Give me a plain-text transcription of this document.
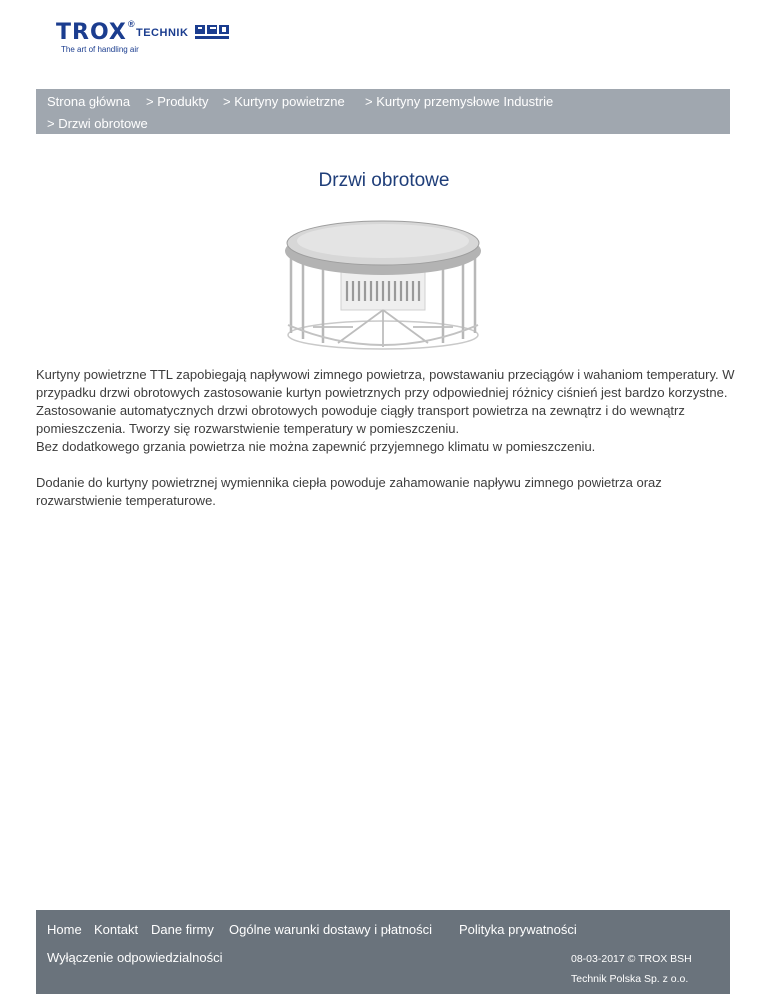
TROX ®
TECHNIK
The art of handling air
Strona główna > Produkty > Kurtyny powietrzne > Kurtyny przemysłowe Industrie
> Drzwi obrotowe
Drzwi obrotowe

Kurtyny powietrzne TTL zapobiegają napływowi zimnego powietrza, powstawaniu przeciągów i wahaniom temperatury. W przypadku drzwi obrotowych zastosowanie kurtyn powietrznych przy odpowiedniej różnicy ciśnień jest bardzo korzystne.

Zastosowanie automatycznych drzwi obrotowych powoduje ciągły transport powietrza na zewnątrz i do wewnątrz pomieszczenia. Tworzy się rozwarstwienie temperatury w pomieszczeniu.

Bez dodatkowego grzania powietrza nie można zapewnić przyjemnego klimatu w pomieszczeniu.

Dodanie do kurtyny powietrznej wymiennika ciepła powoduje zahamowanie napływu zimnego powietrza oraz rozwarstwienie temperaturowe.

Home Kontakt Dane firmy Ogólne warunki dostawy i płatności Polityka prywatności
Wyłączenie odpowiedzialności	08-03-2017 © TROX BSH
Technik Polska Sp. z o.o.
